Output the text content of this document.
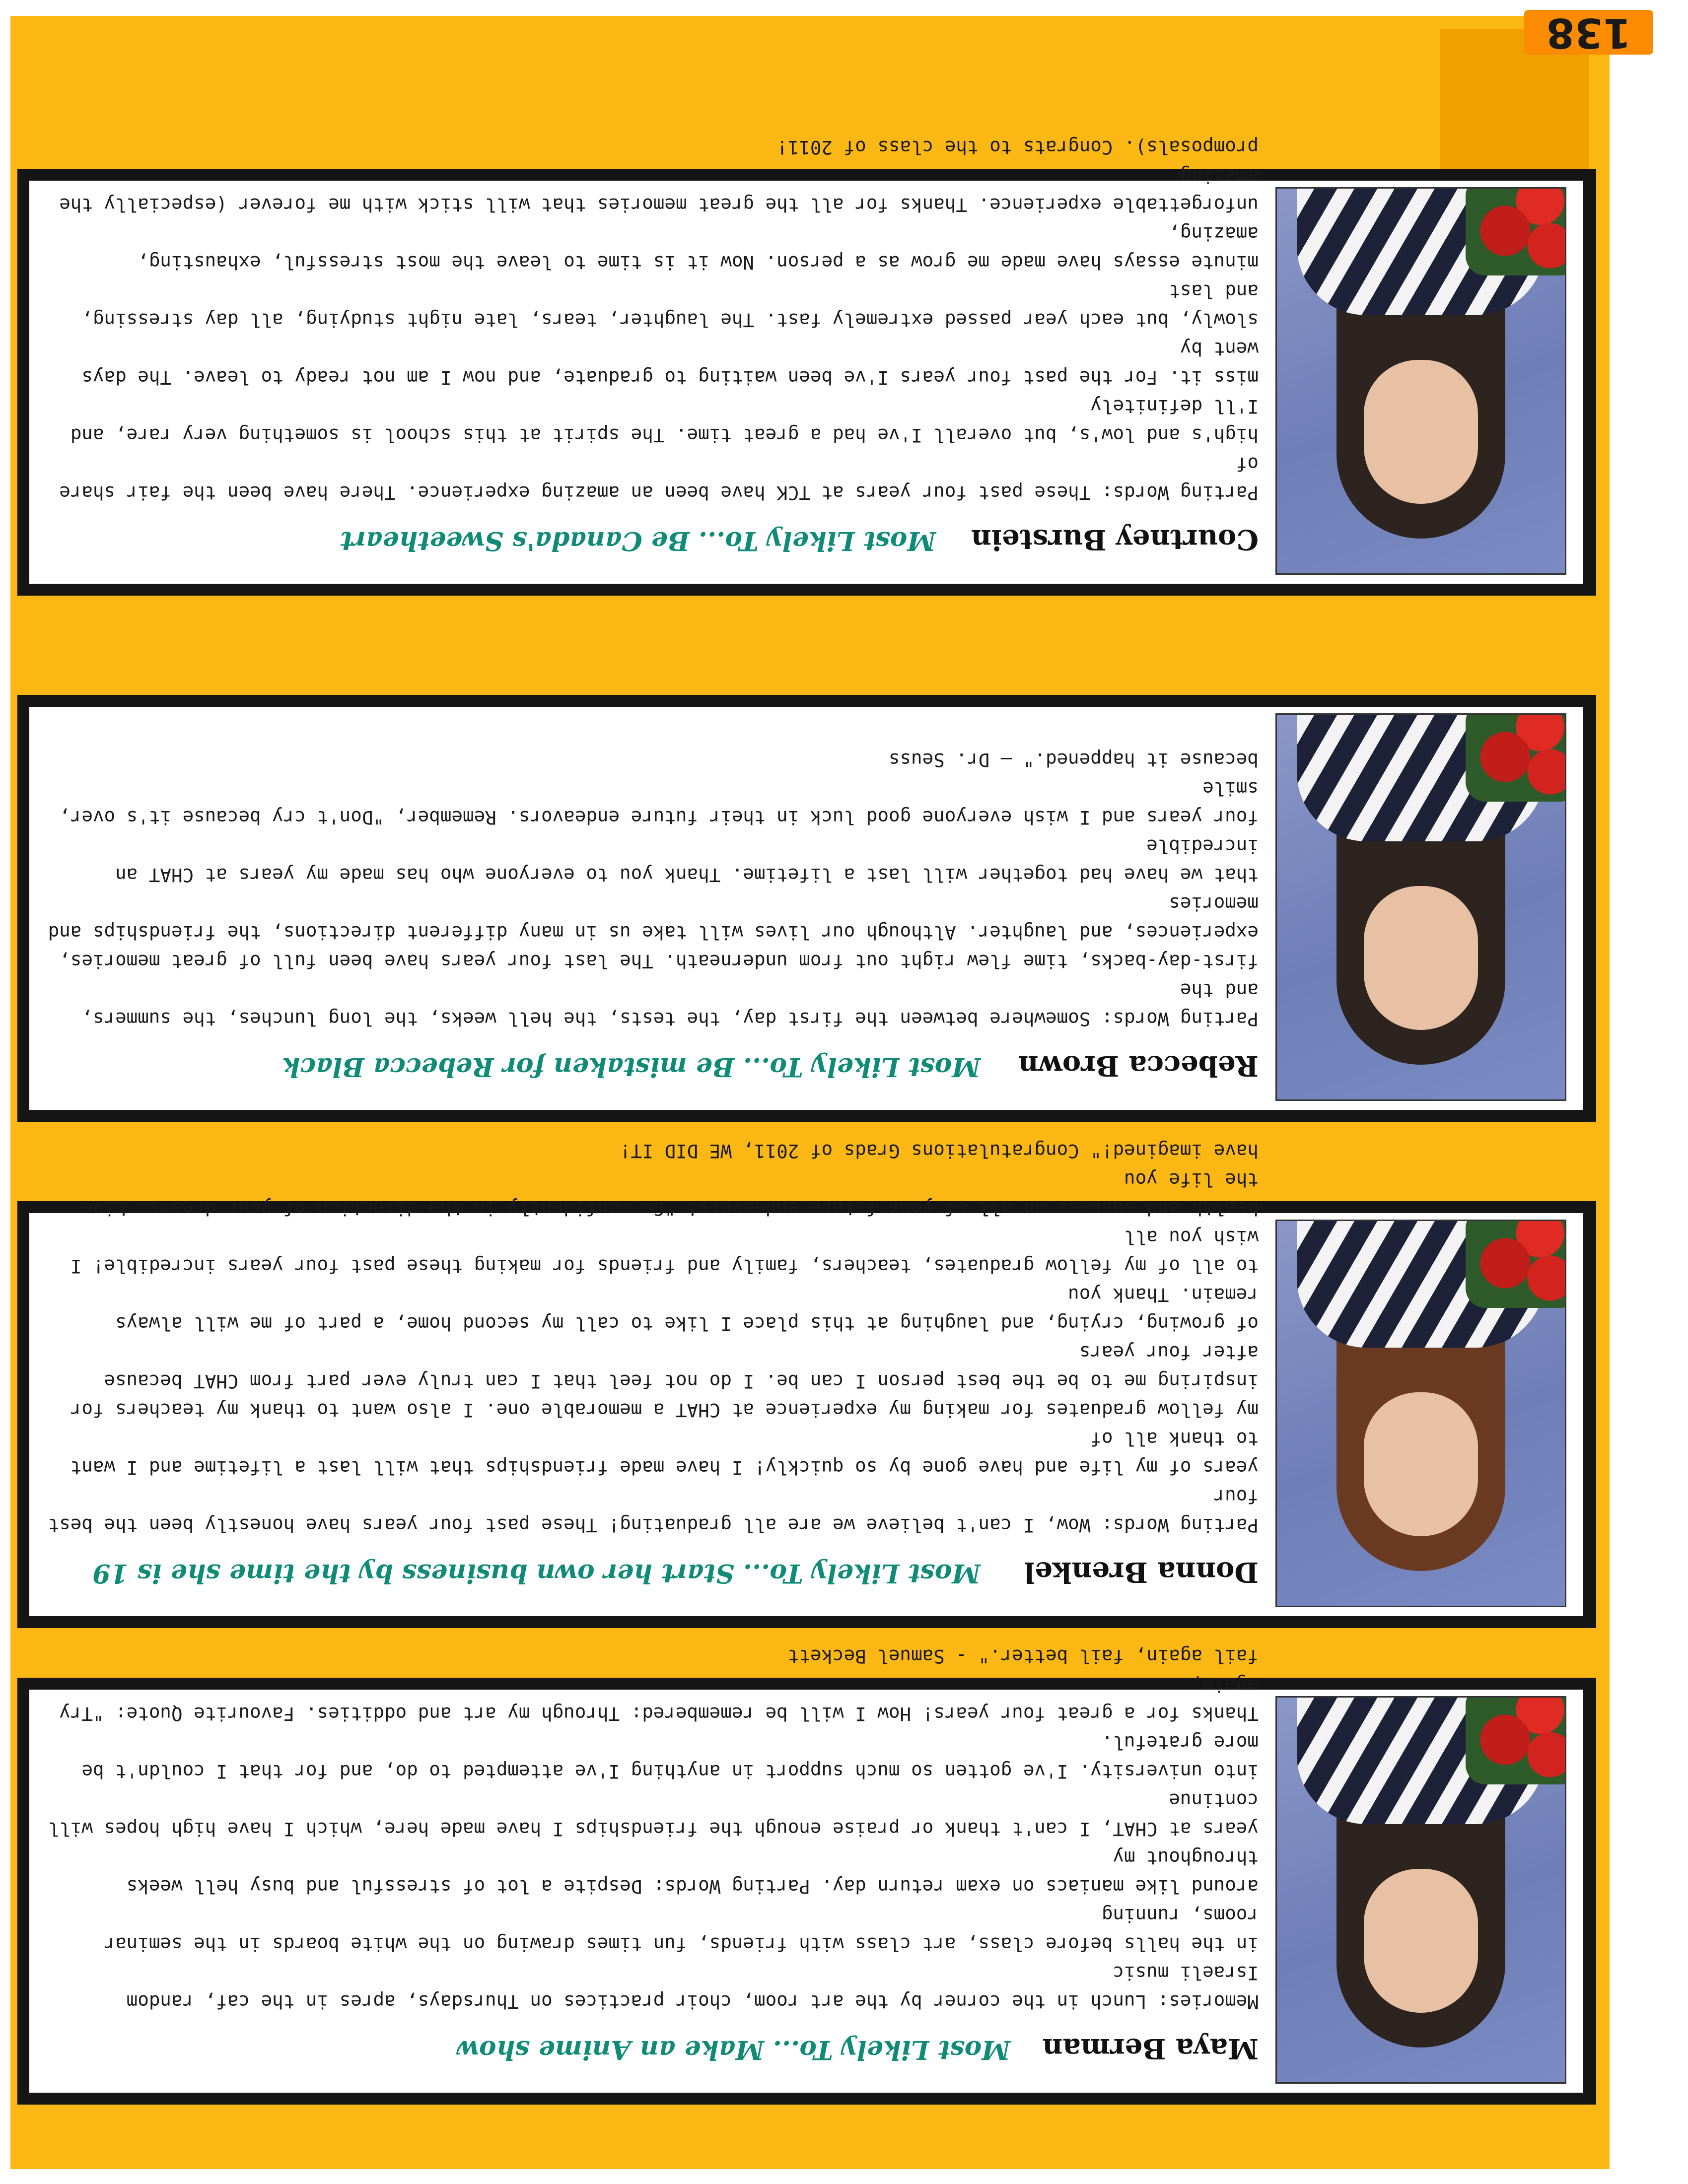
138
Maya Berman
Most Likely To... Make an Anime show
Memories: Lunch in the corner by the art room, choir practices on Thursdays, apres in the caf, random Israeli music
in the halls before class, art class with friends, fun times drawing on the white boards in the seminar rooms, running
around like maniacs on exam return day. Parting Words: Despite a lot of stressful and busy hell weeks throughout my
years at CHAT, I can't thank or praise enough the friendships I have made here, which I have high hopes will continue
into university. I've gotten so much support in anything I've attempted to do, and for that I couldn't be more grateful.
Thanks for a great four years! How I will be remembered: Through my art and oddities. Favourite Quote: "Try again,
fail again, fail better." - Samuel Beckett
Donna Brenkel
Most Likely To... Start her own business by the time she is 19
Parting Words: Wow, I can't believe we are all graduating! These past four years have honestly been the best four
years of my life and have gone by so quickly! I have made friendships that will last a lifetime and I want to thank all of
my fellow graduates for making my experience at CHAT a memorable one. I also want to thank my teachers for
inspiring me to be the best person I can be. I do not feel that I can truly ever part from CHAT because after four years
of growing, crying, and laughing at this place I like to call my second home, a part of me will always remain. Thank you
to all of my fellow graduates, teachers, family and friends for making these past four years incredible! I wish you all
health and success on all of your future endeavors! "Go confidently in the direction of your dreams. Live the life you
have imagined!" Congratulations Grads of 2011, WE DID IT!
Rebecca Brown
Most Likely To... Be mistaken for Rebecca Black
Parting Words: Somewhere between the first day, the tests, the hell weeks, the long lunches, the summers, and the
first-day-backs, time flew right out from underneath. The last four years have been full of great memories,
experiences, and laughter. Although our lives will take us in many different directions, the friendships and memories
that we have had together will last a lifetime. Thank you to everyone who has made my years at CHAT an incredible
four years and I wish everyone good luck in their future endeavors. Remember, "Don't cry because it's over, smile
because it happened." – Dr. Seuss
Courtney Burstein
Most Likely To... Be Canada's Sweetheart
Parting Words: These past four years at TCK have been an amazing experience. There have been the fair share of
high's and low's, but overall I've had a great time. The spirit at this school is something very rare, and I'll definitely
miss it. For the past four years I've been waiting to graduate, and now I am not ready to leave. The days went by
slowly, but each year passed extremely fast. The laughter, tears, late night studying, all day stressing, and last
minute essays have made me grow as a person. Now it is time to leave the most stressful, exhausting, amazing,
unforgettable experience. Thanks for all the great memories that will stick with me forever (especially the amazing
promposals). Congrats to the class of 2011!
